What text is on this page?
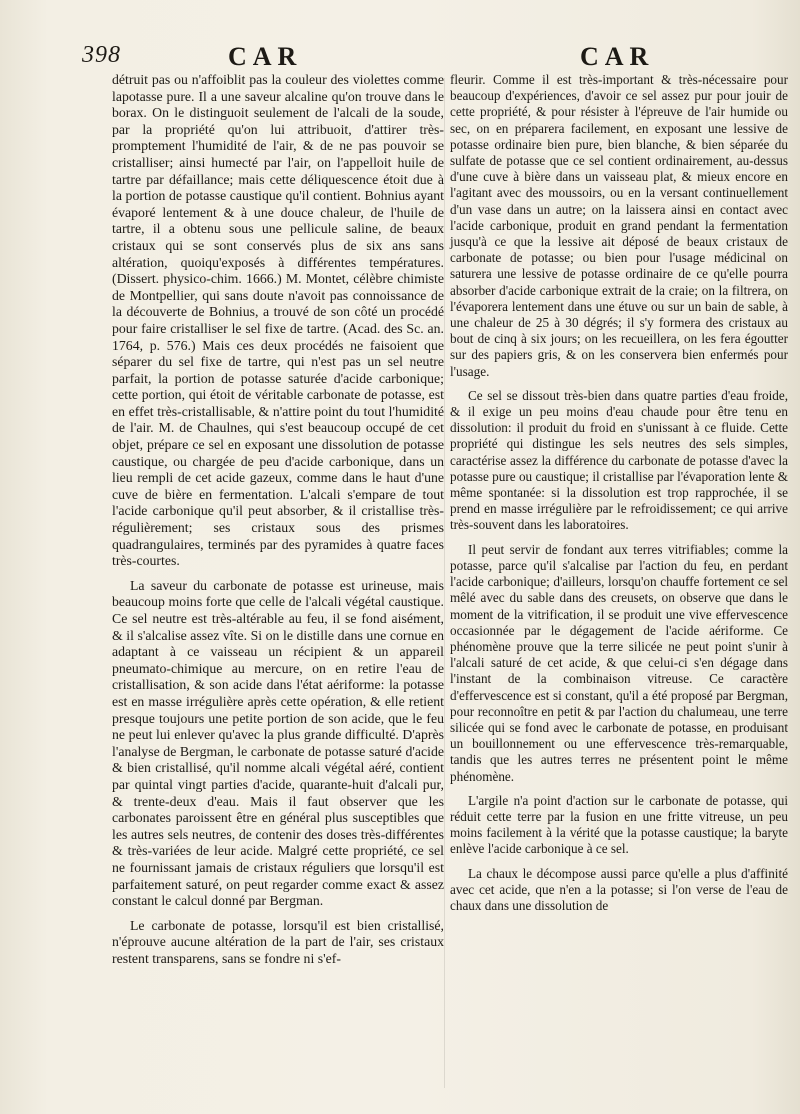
398	CAR	CAR

détruit pas ou n'affoiblit pas la couleur des violettes comme lapotasse pure. Il a une saveur alcaline qu'on trouve dans le borax. On le distinguoit seulement de l'alcali de la soude, par la propriété qu'on lui attribuoit, d'attirer très-promptement l'humidité de l'air, & de ne pas pouvoir se cristalliser; ainsi humecté par l'air, on l'appelloit huile de tartre par défaillance; mais cette déliquescence étoit due à la portion de potasse caustique qu'il contient. Bohnius ayant évaporé lentement & à une douce chaleur, de l'huile de tartre, il a obtenu sous une pellicule saline, de beaux cristaux qui se sont conservés plus de six ans sans altération, quoiqu'exposés à différentes températures. (Dissert. physico-chim. 1666.) M. Montet, célèbre chimiste de Montpellier, qui sans doute n'avoit pas connoissance de la découverte de Bohnius, a trouvé de son côté un procédé pour faire cristalliser le sel fixe de tartre. (Acad. des Sc. an. 1764, p. 576.) Mais ces deux procédés ne faisoient que séparer du sel fixe de tartre, qui n'est pas un sel neutre parfait, la portion de potasse saturée d'acide carbonique; cette portion, qui étoit de véritable carbonate de potasse, est en effet très-cristallisable, & n'attire point du tout l'humidité de l'air. M. de Chaulnes, qui s'est beaucoup occupé de cet objet, prépare ce sel en exposant une dissolution de potasse caustique, ou chargée de peu d'acide carbonique, dans un lieu rempli de cet acide gazeux, comme dans le haut d'une cuve de bière en fermentation. L'alcali s'empare de tout l'acide carbonique qu'il peut absorber, & il cristallise très-régulièrement; ses cristaux sous des prismes quadrangulaires, terminés par des pyramides à quatre faces très-courtes.

La saveur du carbonate de potasse est urineuse, mais beaucoup moins forte que celle de l'alcali végétal caustique. Ce sel neutre est très-altérable au feu, il se fond aisément, & il s'alcalise assez vîte. Si on le distille dans une cornue en adaptant à ce vaisseau un récipient & un appareil pneumato-chimique au mercure, on en retire l'eau de cristallisation, & son acide dans l'état aériforme: la potasse est en masse irrégulière après cette opération, & elle retient presque toujours une petite portion de son acide, que le feu ne peut lui enlever qu'avec la plus grande difficulté. D'après l'analyse de Bergman, le carbonate de potasse saturé d'acide & bien cristallisé, qu'il nomme alcali végétal aéré, contient par quintal vingt parties d'acide, quarante-huit d'alcali pur, & trente-deux d'eau. Mais il faut observer que les carbonates paroissent être en général plus susceptibles que les autres sels neutres, de contenir des doses très-différentes & très-variées de leur acide. Malgré cette propriété, ce sel ne fournissant jamais de cristaux réguliers que lorsqu'il est parfaitement saturé, on peut regarder comme exact & assez constant le calcul donné par Bergman.

Le carbonate de potasse, lorsqu'il est bien cristallisé, n'éprouve aucune altération de la part de l'air, ses cristaux restent transparens, sans se fondre ni s'ef-

fleurir. Comme il est très-important & très-nécessaire pour beaucoup d'expériences, d'avoir ce sel assez pur pour jouir de cette propriété, & pour résister à l'épreuve de l'air humide ou sec, on en préparera facilement, en exposant une lessive de potasse ordinaire bien pure, bien blanche, & bien séparée du sulfate de potasse que ce sel contient ordinairement, au-dessus d'une cuve à bière dans un vaisseau plat, & mieux encore en l'agitant avec des moussoirs, ou en la versant continuellement d'un vase dans un autre; on la laissera ainsi en contact avec l'acide carbonique, produit en grand pendant la fermentation jusqu'à ce que la lessive ait déposé de beaux cristaux de carbonate de potasse; ou bien pour l'usage médicinal on saturera une lessive de potasse ordinaire de ce qu'elle pourra absorber d'acide carbonique extrait de la craie; on la filtrera, on l'évaporera lentement dans une étuve ou sur un bain de sable, à une chaleur de 25 à 30 dégrés; il s'y formera des cristaux au bout de cinq à six jours; on les recueillera, on les fera égoutter sur des papiers gris, & on les conservera bien enfermés pour l'usage.

Ce sel se dissout très-bien dans quatre parties d'eau froide, & il exige un peu moins d'eau chaude pour être tenu en dissolution: il produit du froid en s'unissant à ce fluide. Cette propriété qui distingue les sels neutres des sels simples, caractérise assez la différence du carbonate de potasse d'avec la potasse pure ou caustique; il cristallise par l'évaporation lente & même spontanée: si la dissolution est trop rapprochée, il se prend en masse irrégulière par le refroidissement; ce qui arrive très-souvent dans les laboratoires.

Il peut servir de fondant aux terres vitrifiables; comme la potasse, parce qu'il s'alcalise par l'action du feu, en perdant l'acide carbonique; d'ailleurs, lorsqu'on chauffe fortement ce sel mêlé avec du sable dans des creusets, on observe que dans le moment de la vitrification, il se produit une vive effervescence occasionnée par le dégagement de l'acide aériforme. Ce phénomène prouve que la terre silicée ne peut point s'unir à l'alcali saturé de cet acide, & que celui-ci s'en dégage dans l'instant de la combinaison vitreuse. Ce caractère d'effervescence est si constant, qu'il a été proposé par Bergman, pour reconnoître en petit & par l'action du chalumeau, une terre silicée qui se fond avec le carbonate de potasse, en produisant un bouillonnement ou une effervescence très-remarquable, tandis que les autres terres ne présentent point le même phénomène.

L'argile n'a point d'action sur le carbonate de potasse, qui réduit cette terre par la fusion en une fritte vitreuse, un peu moins facilement à la vérité que la potasse caustique; la baryte enlève l'acide carbonique à ce sel.

La chaux le décompose aussi parce qu'elle a plus d'affinité avec cet acide, que n'en a la potasse; si l'on verse de l'eau de chaux dans une dissolution de
